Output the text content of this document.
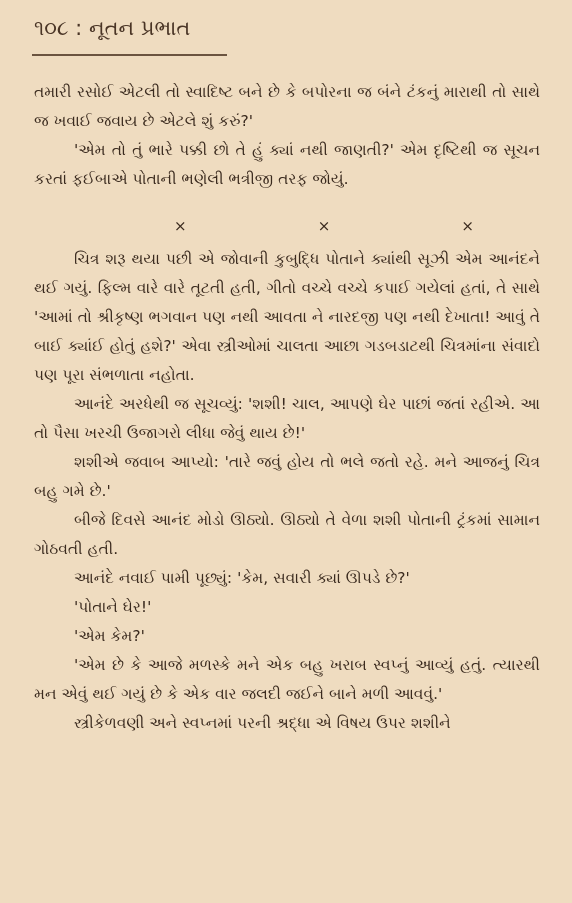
૧૦૮ : નૂતન પ્રભાત

તમારી રસોઈ એટલી તો સ્વાદિષ્ટ બને છે કે બપોરના જ બંને ટંકનું મારાથી તો સાથે જ ખવાઈ જવાય છે એટલે શું કરું?'

'એમ તો તું ભારે પક્કી છો તે હું ક્યાં નથી જાણતી?' એમ દૃષ્ટિથી જ સૂચન કરતાં ફઈબાએ પોતાની ભણેલી ભત્રીજી તરફ જોયું.

×	×	×

ચિત્ર શરૂ થયા પછી એ જોવાની કુબુદ્ધિ પોતાને ક્યાંથી સૂઝી એમ આનંદને થઈ ગયું. ફિલ્મ વારે વારે તૂટતી હતી, ગીતો વચ્ચે વચ્ચે કપાઈ ગયેલાં હતાં, તે સાથે 'આમાં તો શ્રીકૃષ્ણ ભગવાન પણ નથી આવતા ને નારદજી પણ નથી દેખાતા! આવું તે બાઈ ક્યાંઈ હોતું હશે?' એવા સ્ત્રીઓમાં ચાલતા આછા ગડબડાટથી ચિત્રમાંના સંવાદો પણ પૂરા સંભળાતા નહોતા.

આનંદે અરધેથી જ સૂચવ્યું: 'શશી! ચાલ, આપણે ઘેર પાછાં જતાં રહીએ. આ તો પૈસા ખરચી ઉજાગરો લીધા જેવું થાય છે!'

શશીએ જવાબ આપ્યો: 'તારે જવું હોય તો ભલે જતો રહે. મને આજનું ચિત્ર બહુ ગમે છે.'

બીજે દિવસે આનંદ મોડો ઊઠ્યો. ઊઠ્યો તે વેળા શશી પોતાની ટ્રંકમાં સામાન ગોઠવતી હતી.

આનંદે નવાઈ પામી પૂછ્યું: 'કેમ, સવારી ક્યાં ઊપડે છે?'

'પોતાને ઘેર!'

'એમ કેમ?'

'એમ છે કે આજે મળસ્કે મને એક બહુ ખરાબ સ્વપ્નું આવ્યું હતું. ત્યારથી મન એવું થઈ ગયું છે કે એક વાર જલદી જઈને બાને મળી આવવું.'

સ્ત્રીકેળવણી અને સ્વપ્નમાં પરની શ્રદ્ધા એ વિષય ઉપર શશીને
